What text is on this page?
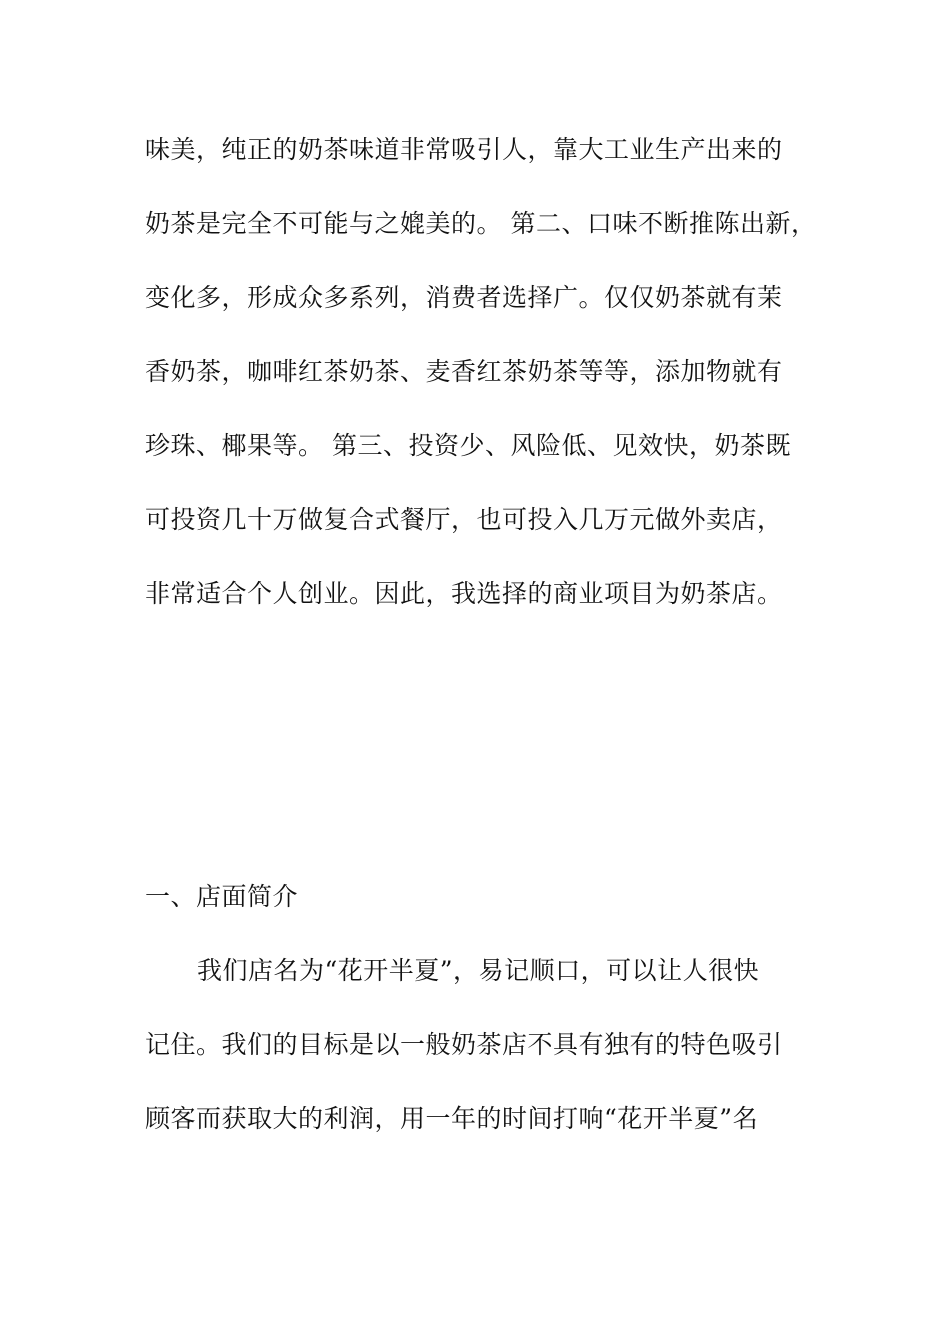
味美，纯正的奶茶味道非常吸引人，靠大工业生产出来的
奶茶是完全不可能与之媲美的。 第二、口味不断推陈出新，
变化多，形成众多系列，消费者选择广。仅仅奶茶就有茉
香奶茶，咖啡红茶奶茶、麦香红茶奶茶等等，添加物就有
珍珠、椰果等。 第三、投资少、风险低、见效快，奶茶既
可投资几十万做复合式餐厅，也可投入几万元做外卖店，
非常适合个人创业。因此，我选择的商业项目为奶茶店。
一、店面简介
我们店名为“花开半夏”，易记顺口，可以让人很快
记住。我们的目标是以一般奶茶店不具有独有的特色吸引
顾客而获取大的利润，用一年的时间打响“花开半夏”名
